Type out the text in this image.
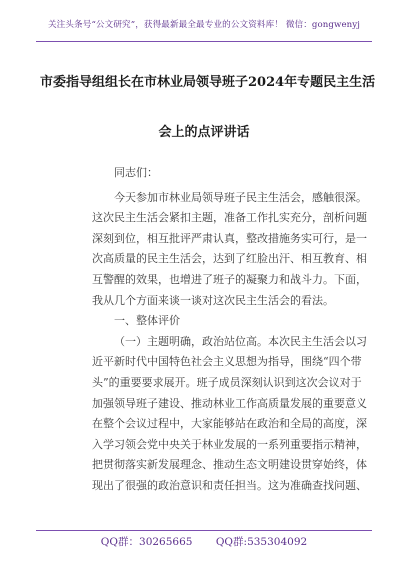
关注头条号“公文研究”，获得最新最全最专业的公文资料库！ 微信：gongwenyj
市委指导组组长在市林业局领导班子2024年专题民主生活
会上的点评讲话
同志们：
今天参加市林业局领导班子民主生活会，感触很深。
这次民主生活会紧扣主题，准备工作扎实充分，剖析问题
深刻到位，相互批评严肃认真，整改措施务实可行，是一
次高质量的民主生活会，达到了红脸出汗、相互教育、相
互警醒的效果，也增进了班子的凝聚力和战斗力。下面，
我从几个方面来谈一谈对这次民主生活会的看法。
一、整体评价
（一）主题明确，政治站位高。本次民主生活会以习
近平新时代中国特色社会主义思想为指导，围绕“四个带
头”的重要要求展开。班子成员深刻认识到这次会议对于
加强领导班子建设、推动林业工作高质量发展的重要意义
在整个会议过程中，大家能够站在政治和全局的高度，深
入学习领会党中央关于林业发展的一系列重要指示精神，
把贯彻落实新发展理念、推动生态文明建设贯穿始终，体
现出了很强的政治意识和责任担当。这为准确查找问题、
QQ群：30265665 QQ群:535304092
